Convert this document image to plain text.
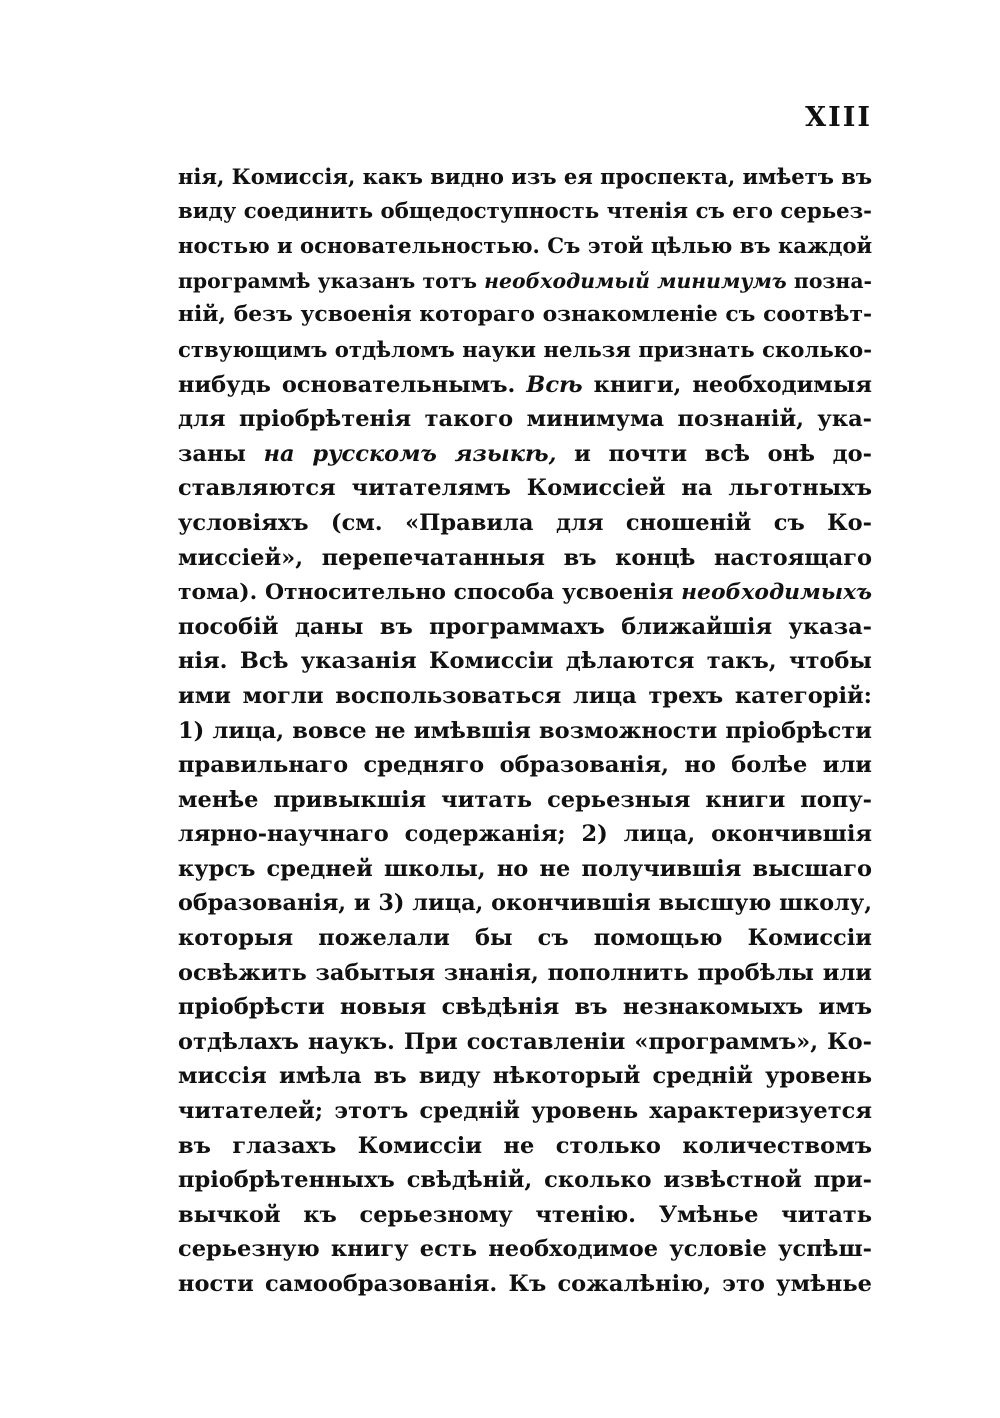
XIII
нія, Комиссія, какъ видно изъ ея проспекта, имѣетъ въ
виду соединить общедоступность чтенія съ его серьез-
ностью и основательностью. Съ этой цѣлью въ каждой
программѣ указанъ тотъ необходимый минимумъ позна-
ній, безъ усвоенія котораго ознакомленіе съ соотвѣт-
ствующимъ отдѣломъ науки нельзя признать сколько-
нибудь основательнымъ. Всѣ книги, необходимыя
для пріобрѣтенія такого минимума познаній, ука-
заны на русскомъ языкѣ, и почти всѣ онѣ до-
ставляются читателямъ Комиссіей на льготныхъ
условіяхъ (см. «Правила для сношеній съ Ко-
миссіей», перепечатанныя въ концѣ настоящаго
тома). Относительно способа усвоенія необходимыхъ
пособій даны въ программахъ ближайшія указа-
нія. Всѣ указанія Комиссіи дѣлаются такъ, чтобы
ими могли воспользоваться лица трехъ категорій:
1) лица, вовсе не имѣвшія возможности пріобрѣсти
правильнаго средняго образованія, но болѣе или
менѣе привыкшія читать серьезныя книги попу-
лярно-научнаго содержанія; 2) лица, окончившія
курсъ средней школы, но не получившія высшаго
образованія, и 3) лица, окончившія высшую школу,
которыя пожелали бы съ помощью Комиссіи
освѣжить забытыя знанія, пополнить пробѣлы или
пріобрѣсти новыя свѣдѣнія въ незнакомыхъ имъ
отдѣлахъ наукъ. При составленіи «программъ», Ко-
миссія имѣла въ виду нѣкоторый средній уровень
читателей; этотъ средній уровень характеризуется
въ глазахъ Комиссіи не столько количествомъ
пріобрѣтенныхъ свѣдѣній, сколько извѣстной при-
вычкой къ серьезному чтенію. Умѣнье читать
серьезную книгу есть необходимое условіе успѣш-
ности самообразованія. Къ сожалѣнію, это умѣнье
